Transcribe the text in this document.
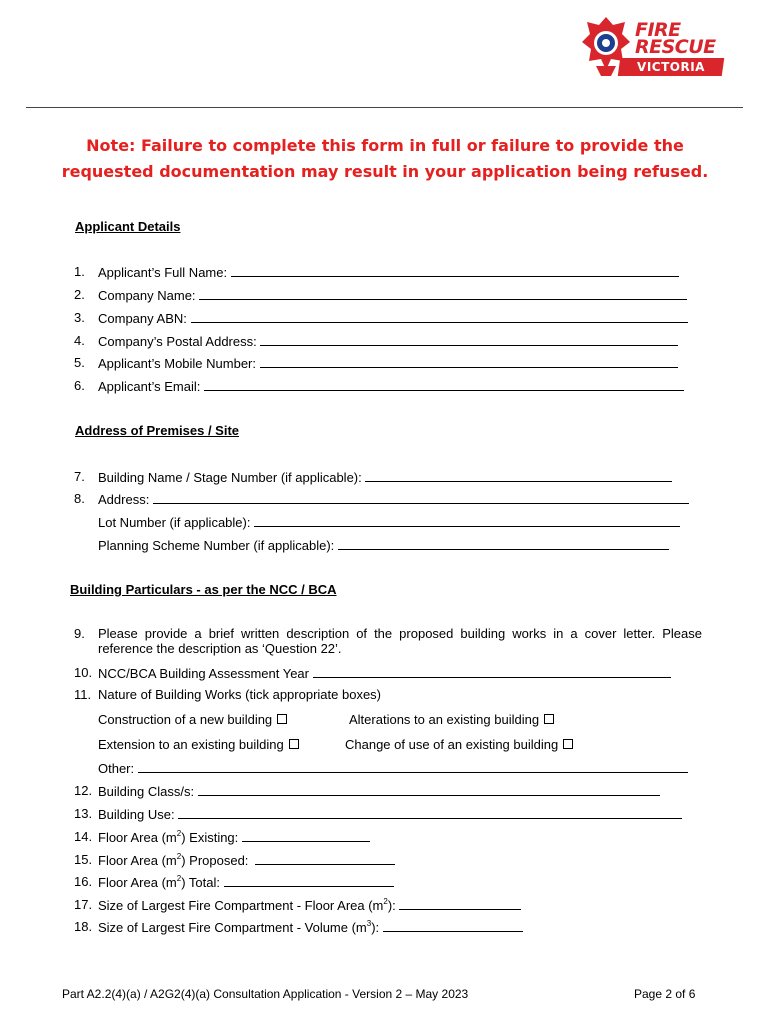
FIRE
RESCUE
VICTORIA
Note: Failure to complete this form in full or failure to provide the requested documentation may result in your application being refused.
Applicant Details
1. Applicant’s Full Name:
2. Company Name:
3. Company ABN:
4. Company’s Postal Address:
5. Applicant’s Mobile Number:
6. Applicant’s Email:
Address of Premises / Site
7. Building Name / Stage Number (if applicable):
8. Address:
Lot Number (if applicable):
Planning Scheme Number (if applicable):
Building Particulars - as per the NCC / BCA
9. Please provide a brief written description of the proposed building works in a cover letter. Please reference the description as ‘Question 22’.
10. NCC/BCA Building Assessment Year
11. Nature of Building Works (tick appropriate boxes)
Construction of a new building	Alterations to an existing building
Extension to an existing building	Change of use of an existing building
Other:
12. Building Class/s:
13. Building Use:
14. Floor Area $(m^2)$ Existing:
15. Floor Area $(m^2)$ Proposed:
16. Floor Area $(m^2)$ Total:
17. Size of Largest Fire Compartment - Floor Area $(m^2)$:
18. Size of Largest Fire Compartment - Volume $(m^3)$:
Part A2.2(4)(a) / A2G2(4)(a) Consultation Application - Version 2 – May 2023	Page 2 of 6
